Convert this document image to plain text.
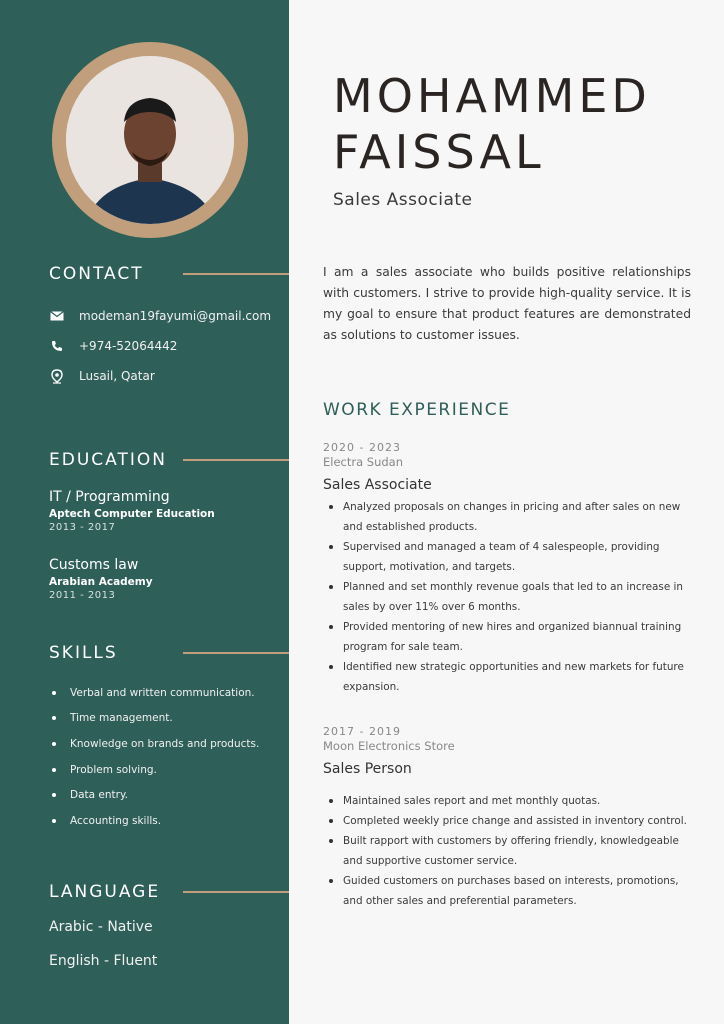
CONTACT
modeman19fayumi@gmail.com
+974-52064442
Lusail, Qatar
EDUCATION
IT / Programming
Aptech Computer Education
2013 - 2017
Customs law
Arabian Academy
2011 - 2013
SKILLS
Verbal and written communication.
Time management.
Knowledge on brands and products.
Problem solving.
Data entry.
Accounting skills.
LANGUAGE
Arabic - Native
English - Fluent
MOHAMMED
FAISSAL
Sales Associate
I am a sales associate who builds positive relationships with customers. I strive to provide high-quality service. It is my goal to ensure that product features are demonstrated as solutions to customer issues.
WORK EXPERIENCE
2020 - 2023
Electra Sudan
Sales Associate
Analyzed proposals on changes in pricing and after sales on new and established products.
Supervised and managed a team of 4 salespeople, providing support, motivation, and targets.
Planned and set monthly revenue goals that led to an increase in sales by over 11% over 6 months.
Provided mentoring of new hires and organized biannual training program for sale team.
Identified new strategic opportunities and new markets for future expansion.
2017 - 2019
Moon Electronics Store
Sales Person
Maintained sales report and met monthly quotas.
Completed weekly price change and assisted in inventory control.
Built rapport with customers by offering friendly, knowledgeable and supportive customer service.
Guided customers on purchases based on interests, promotions, and other sales and preferential parameters.
